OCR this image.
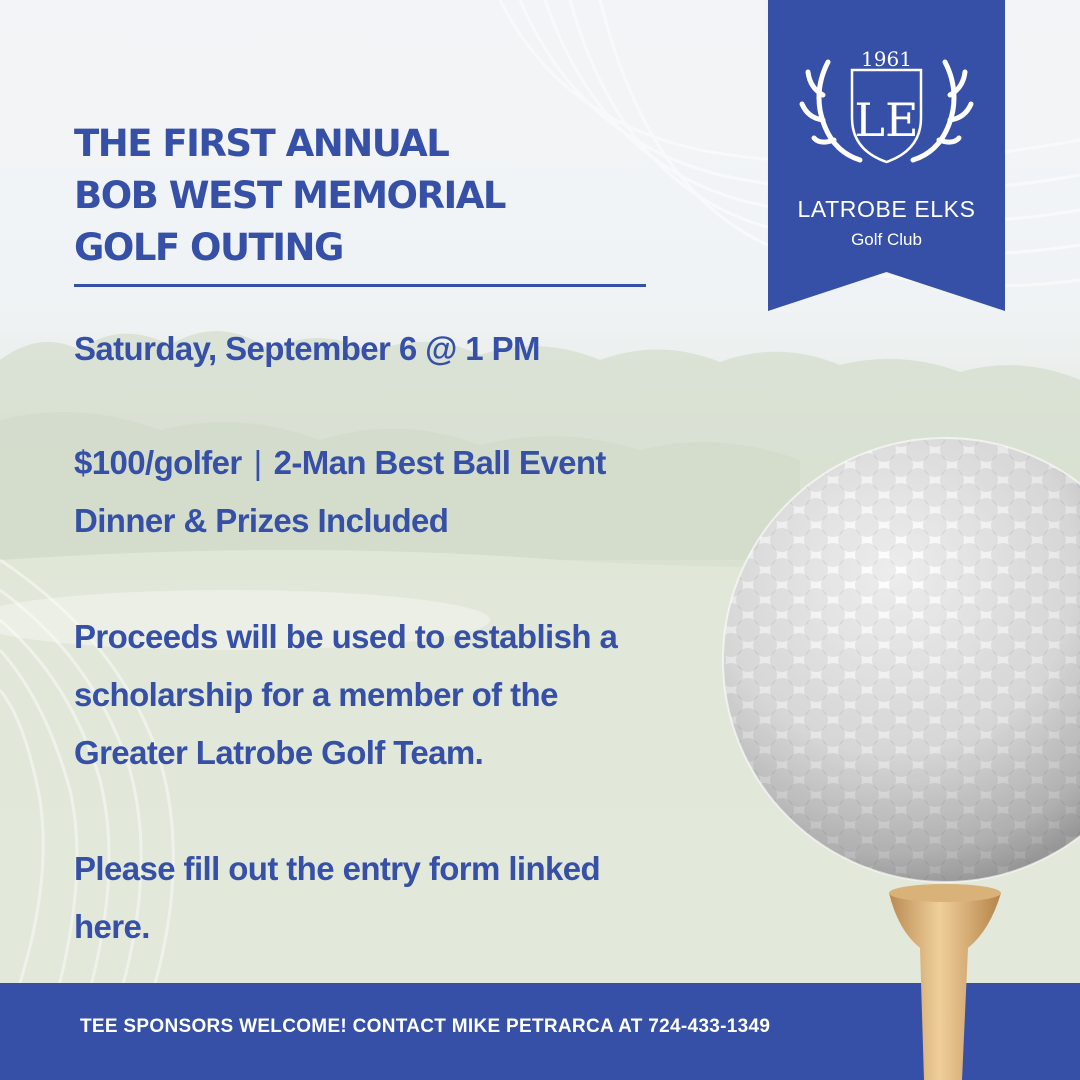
THE FIRST ANNUAL
BOB WEST MEMORIAL
GOLF OUTING

Saturday, September 6 @ 1 PM

$100/golfer | 2-Man Best Ball Event
Dinner & Prizes Included

Proceeds will be used to establish a
scholarship for a member of the
Greater Latrobe Golf Team.

Please fill out the entry form linked
here.

1961
LE
LATROBE ELKS
Golf Club

TEE SPONSORS WELCOME! CONTACT MIKE PETRARCA AT 724-433-1349
